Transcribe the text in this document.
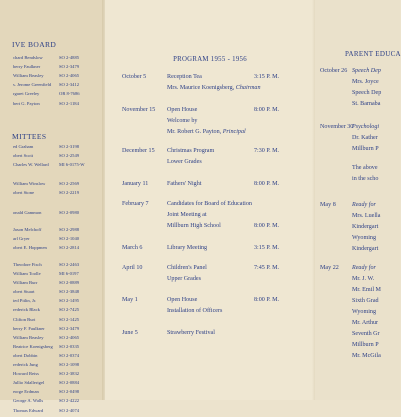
IVE BOARD
chard Bendslow	SO 2-4885
berry Faulkner	SO 2-3479
William Beasley	SO 2-4065
s. Jerome Greenfield SO 2-3412
rgaret Greeley	OR 8-7686
bert G. Payton	SO 2-1184
MITTEES
ed Graham	SO 2-3198
obert Scott	SO 2-2549
Charles W. Wellard MI 6-0175-W
William Winslow	SO 2-2569
obert Stone	SO 2-2219
onald Gammon	SO 2-0980
Jason Melchoff	SO 2-2988
arl Gryer	SO 2-1040
obert E. Hoppmen	SO 2-2814
Theodore Fisch	SO 2-2463
William Toolle	MI 6-0197
William Burr	SO 2-0889
obert Stuart	SO 2-3848
ied Pitlin, Jr.	SO 2-1495
rederick Black	SO 2-7425
Clifton Burt	SO 2-1425
berry F. Faulkner	SO 2-3479
William Beasley	SO 2-4065
Beatrice Koenigsberg SO 2-0335
obert Dobbin	SO 2-0374
rederick Jung	SO 2-1098
Howard Reiss	SO 2-3832
Jullio Sdallerigel	SO 2-0884
eorge Erdman	SO 2-0498
George A. Walls	SO 2-4222
Thomas Edward	SO 2-4074
PROGRAM 1955 - 1956
October 5	Reception Tea	3:15 P. M.
Mrs. Maurice Koenigsberg, Chairman
November 15 Open House	8:00 P. M.
Welcome by
Mr. Robert G. Payton, Principal
December 15 Christmas Program	7:30 P. M.
Lower Grades
January 11	Fathers' Night	8:00 P. M.
February 7	Candidates for Board of Education
Joint Meeting at
Millburn High School	8:00 P. M.
March 6	Library Meeting	3:15 P. M.
April 10	Children's Panel	7:45 P. M.
Upper Grades
May 1	Open House	8:00 P. M.
Installation of Officers
June 5	Strawberry Festival
PARENT EDUCA
October 26 Speech Dep
Mrs. Joyce
Speech Dep
St. Barnaba
November 30
Psychologi
Dr. Kather
Millburn P
The above
in the scho
May 8	Ready for
Mrs. Luella
Kindergart
Wyoming
Kindergart
May 22 Ready for
Mr. J. W.
Mr. Emil M
Sixth Grad
Wyoming
Mr. Arthur
Seventh Gr
Millburn P
Mr. McGila
